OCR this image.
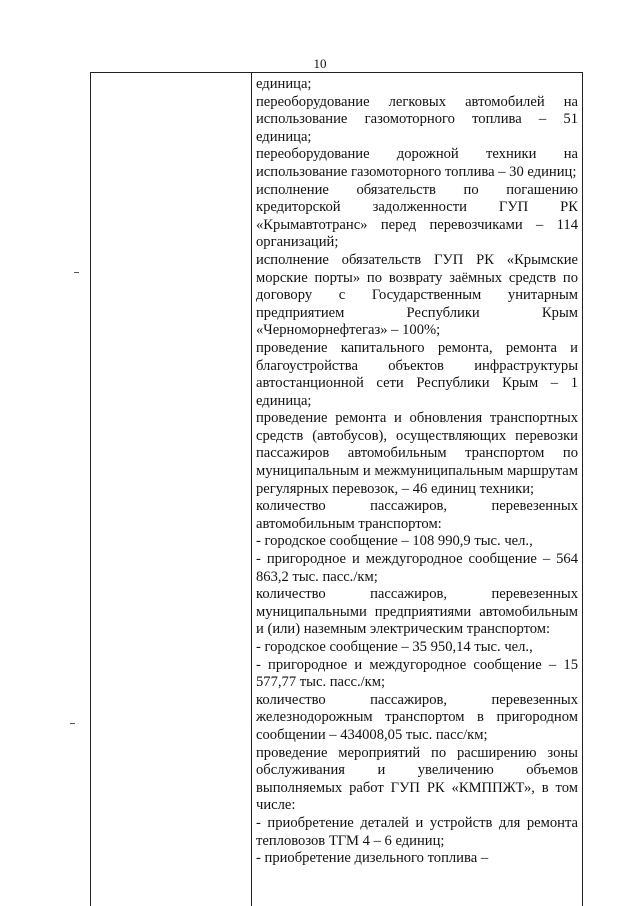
10

единица;

переоборудование легковых автомобилей на использование газомоторного топлива – 51 единица;

переоборудование дорожной техники на использование газомоторного топлива – 30 единиц;

исполнение обязательств по погашению кредиторской задолженности ГУП РК «Крымавтотранс» перед перевозчиками – 114 организаций;

исполнение обязательств ГУП РК «Крымские морские порты» по возврату заёмных средств по договору с Государственным унитарным предприятием Республики Крым «Черноморнефтегаз» – 100%;

проведение капитального ремонта, ремонта и благоустройства объектов инфраструктуры автостанционной сети Республики Крым – 1 единица;

проведение ремонта и обновления транспортных средств (автобусов), осуществляющих перевозки пассажиров автомобильным транспортом по муниципальным и межмуниципальным маршрутам регулярных перевозок, – 46 единиц техники;

количество пассажиров, перевезенных автомобильным транспортом:

- городское сообщение – 108 990,9 тыс. чел.,

- пригородное и междугородное сообщение – 564 863,2 тыс. пасс./км;

количество пассажиров, перевезенных муниципальными предприятиями автомобильным и (или) наземным электрическим транспортом:

- городское сообщение – 35 950,14 тыс. чел.,

- пригородное и междугородное сообщение – 15 577,77 тыс. пасс./км;

количество пассажиров, перевезенных железнодорожным транспортом в пригородном сообщении – 434008,05 тыс. пасс/км;

проведение мероприятий по расширению зоны обслуживания и увеличению объемов выполняемых работ ГУП РК «КМППЖТ», в том числе:

- приобретение деталей и устройств для ремонта тепловозов ТГМ 4 – 6 единиц;

- приобретение дизельного топлива –
